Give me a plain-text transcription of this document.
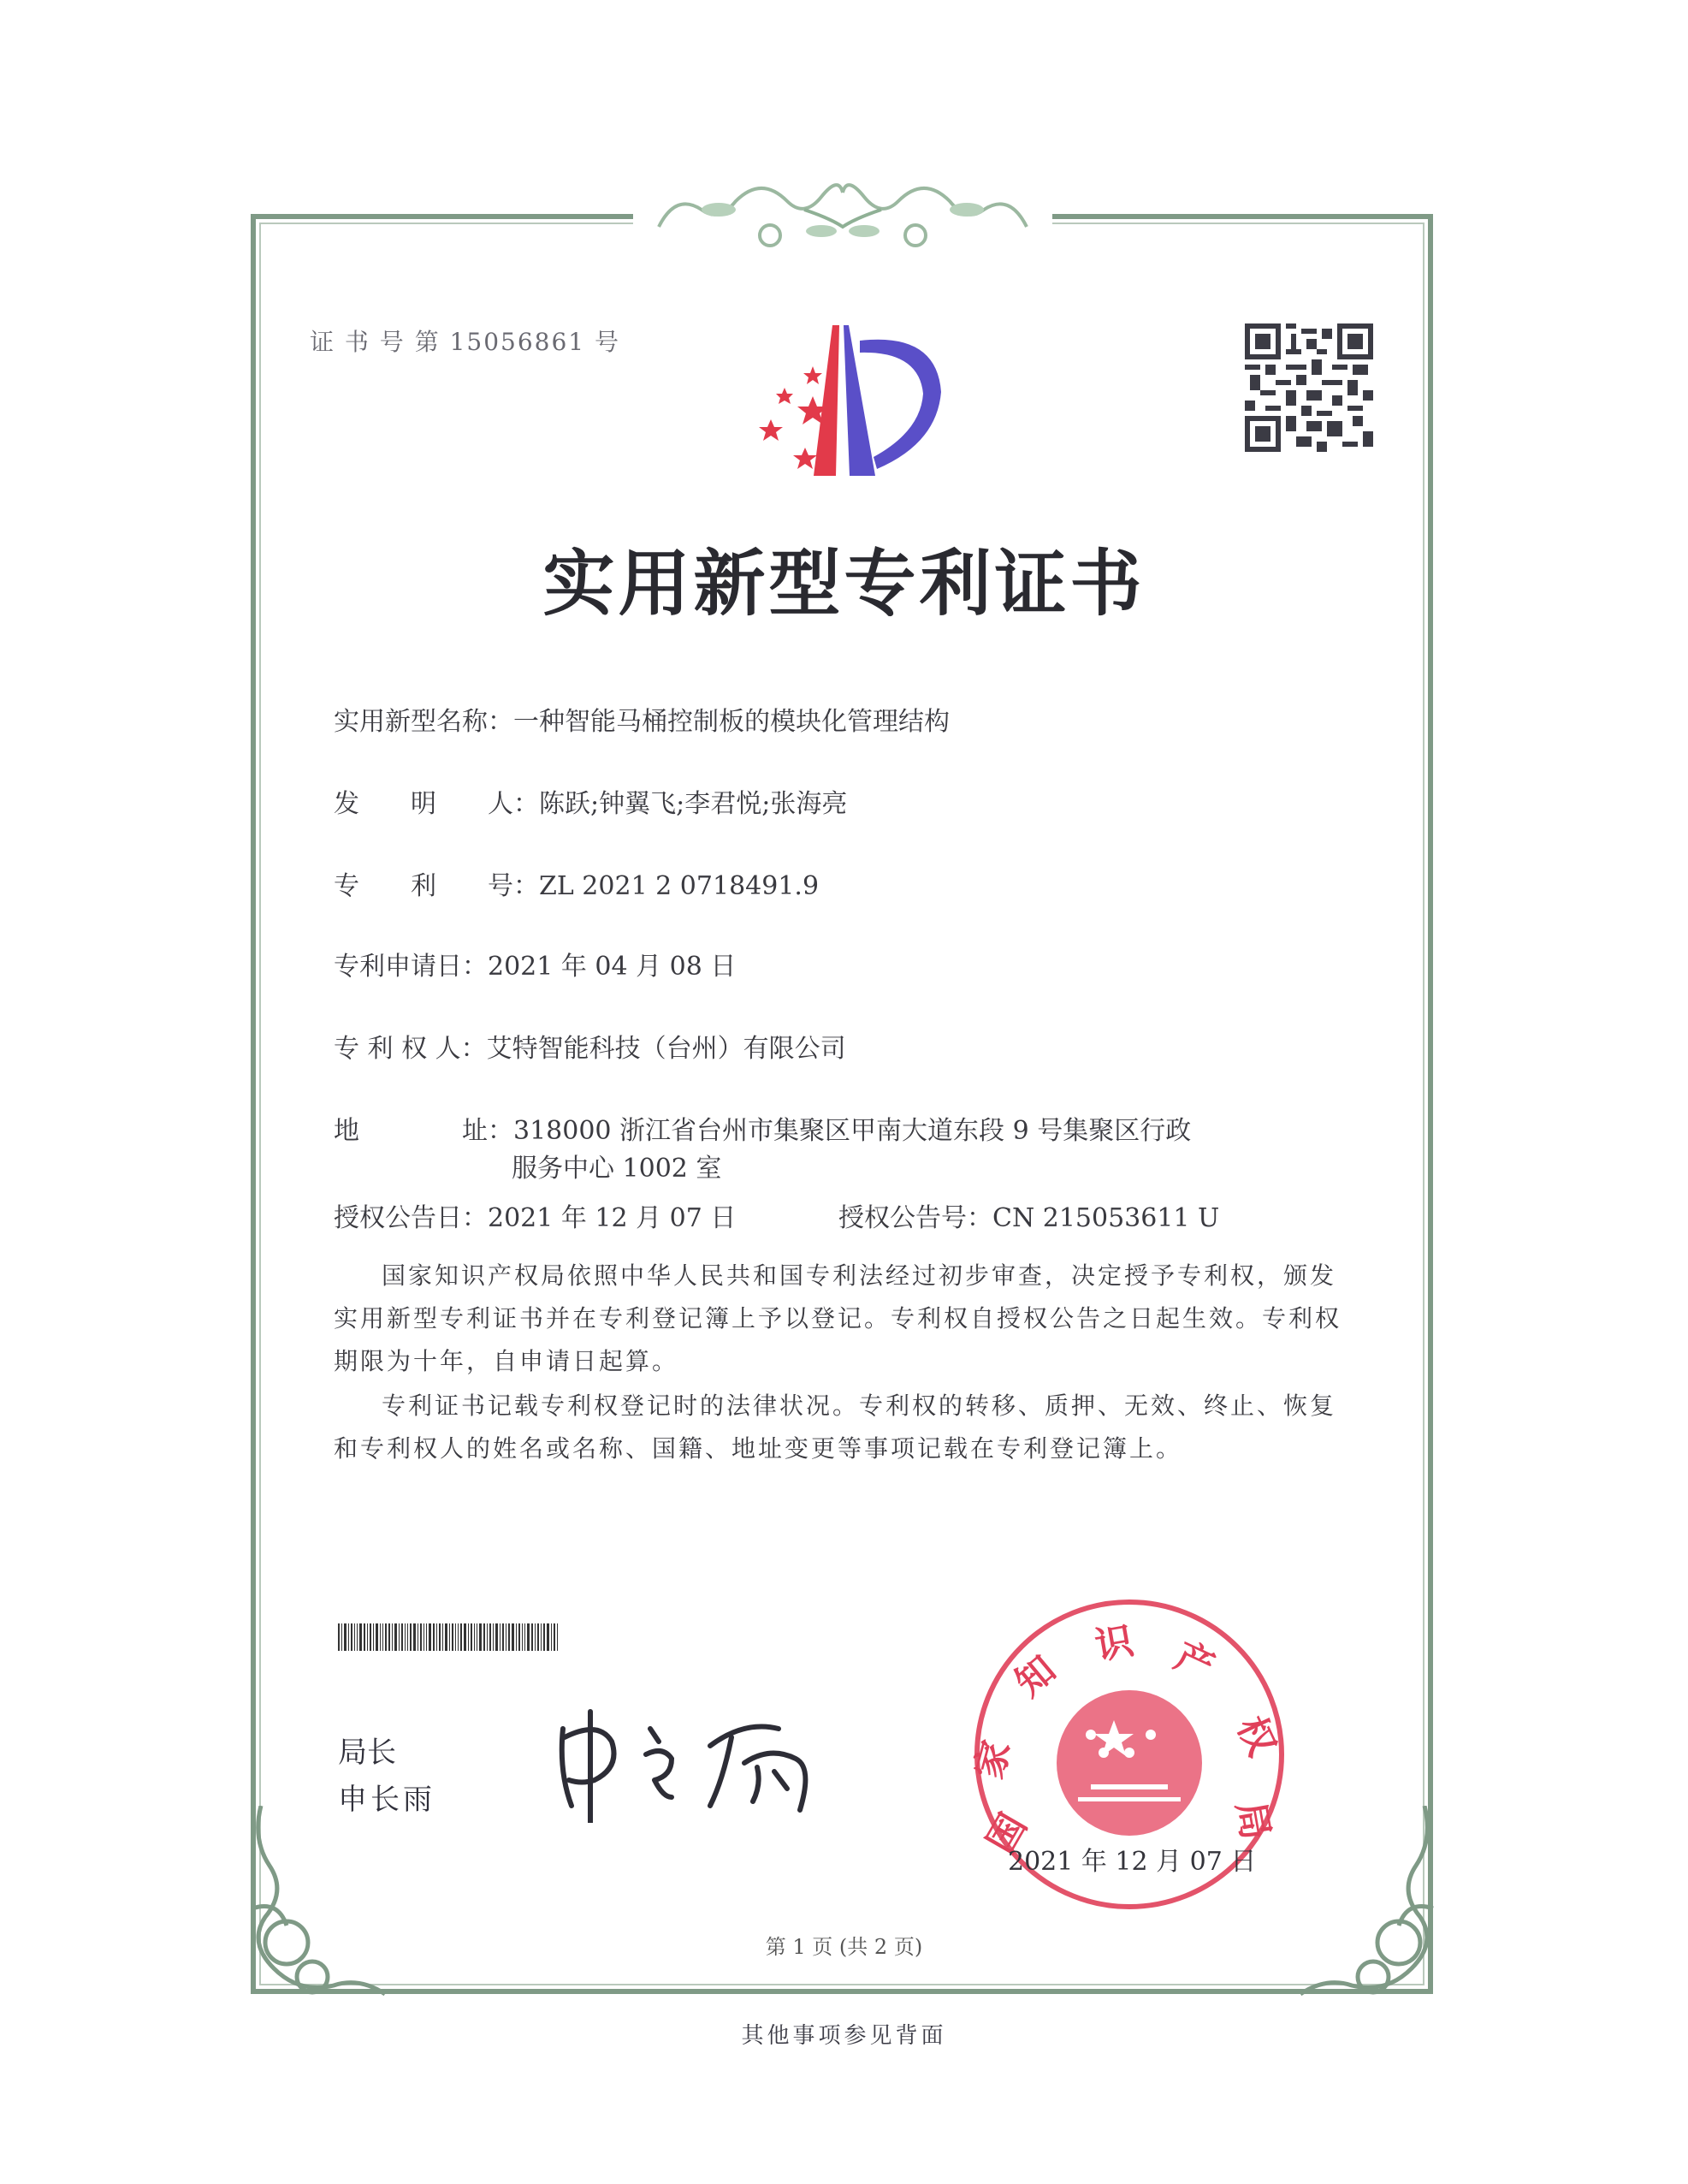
证 书 号 第 15056861 号
实用新型专利证书
实用新型名称：一种智能马桶控制板的模块化管理结构
发　　明　　人：陈跃;钟翼飞;李君悦;张海亮
专　　利　　号：ZL 2021 2 0718491.9
专利申请日：2021 年 04 月 08 日
专 利 权 人：艾特智能科技（台州）有限公司
地　　　　址：318000 浙江省台州市集聚区甲南大道东段 9 号集聚区行政
服务中心 1002 室
授权公告日：2021 年 12 月 07 日	授权公告号：CN 215053611 U
国家知识产权局依照中华人民共和国专利法经过初步审查，决定授予专利权，颁发实用新型专利证书并在专利登记簿上予以登记。专利权自授权公告之日起生效。专利权期限为十年，自申请日起算。
专利证书记载专利权登记时的法律状况。专利权的转移、质押、无效、终止、恢复和专利权人的姓名或名称、国籍、地址变更等事项记载在专利登记簿上。
局长
申长雨
国
家
知
识 产
权
局
2021 年 12 月 07 日
第 1 页 (共 2 页)
其他事项参见背面
